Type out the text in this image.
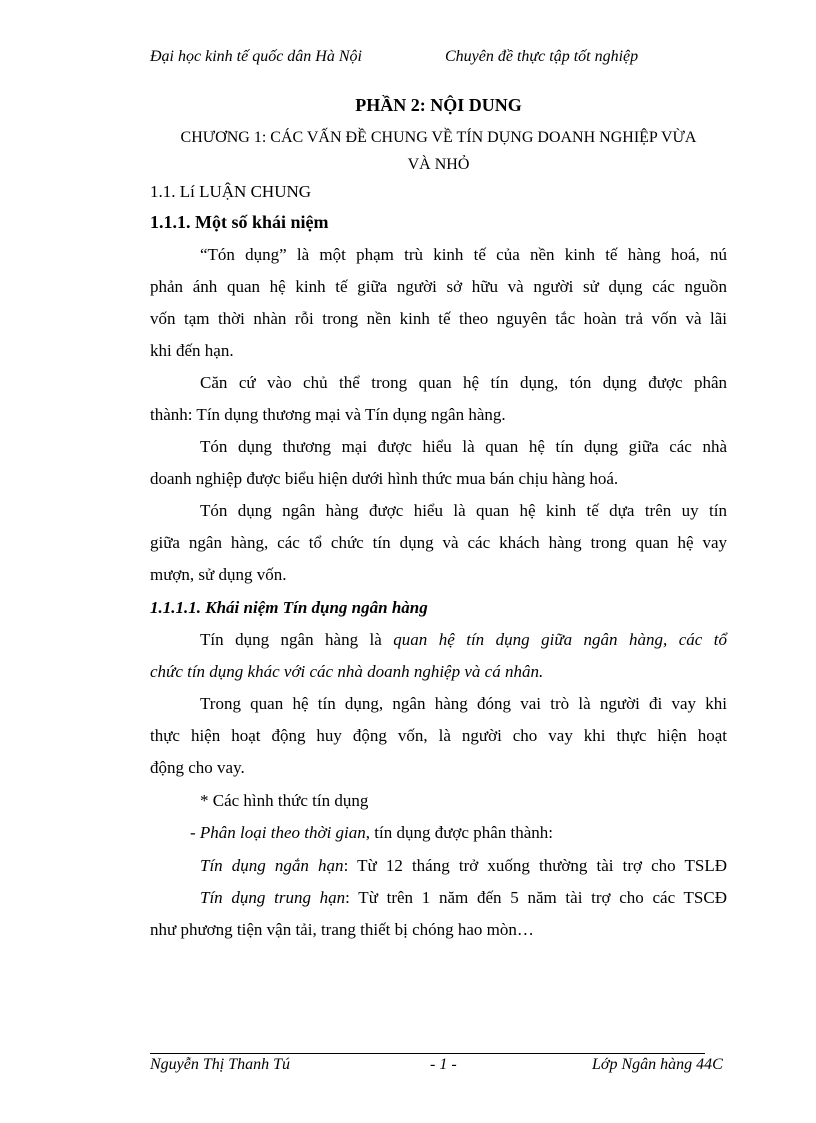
Đại học kinh tế quốc dân Hà Nội	Chuyên đề thực tập tốt nghiệp
PHẦN 2: NỘI DUNG
CHƯƠNG 1: CÁC VẤN ĐỀ CHUNG VỀ TÍN DỤNG DOANH NGHIỆP VỪA
VÀ NHỎ
1.1. Lí LUẬN CHUNG
1.1.1. Một số khái niệm
“Tón dụng” là một phạm trù kinh tế của nền kinh tế hàng hoá, nú
phản ánh quan hệ kinh tế giữa người sở hữu và người sử dụng các nguồn
vốn tạm thời nhàn rỗi trong nền kinh tế theo nguyên tắc hoàn trả vốn và lãi
khi đến hạn.
Căn cứ vào chủ thể trong quan hệ tín dụng, tón dụng được phân
thành: Tín dụng thương mại và Tín dụng ngân hàng.
Tón dụng thương mại được hiểu là quan hệ tín dụng giữa các nhà
doanh nghiệp được biểu hiện dưới hình thức mua bán chịu hàng hoá.
Tón dụng ngân hàng được hiểu là quan hệ kinh tế dựa trên uy tín
giữa ngân hàng, các tổ chức tín dụng và các khách hàng trong quan hệ vay
mượn, sử dụng vốn.
1.1.1.1. Khái niệm Tín dụng ngân hàng
Tín dụng ngân hàng là quan hệ tín dụng giữa ngân hàng, các tổ
chức tín dụng khác với các nhà doanh nghiệp và cá nhân.
Trong quan hệ tín dụng, ngân hàng đóng vai trò là người đi vay khi
thực hiện hoạt động huy động vốn, là người cho vay khi thực hiện hoạt
động cho vay.
* Các hình thức tín dụng
- Phân loại theo thời gian, tín dụng được phân thành:
Tín dụng ngắn hạn: Từ 12 tháng trở xuống thường tài trợ cho TSLĐ
Tín dụng trung hạn: Từ trên 1 năm đến 5 năm tài trợ cho các TSCĐ
như phương tiện vận tải, trang thiết bị chóng hao mòn…
Nguyễn Thị Thanh Tú	- 1 -	Lớp Ngân hàng 44C
